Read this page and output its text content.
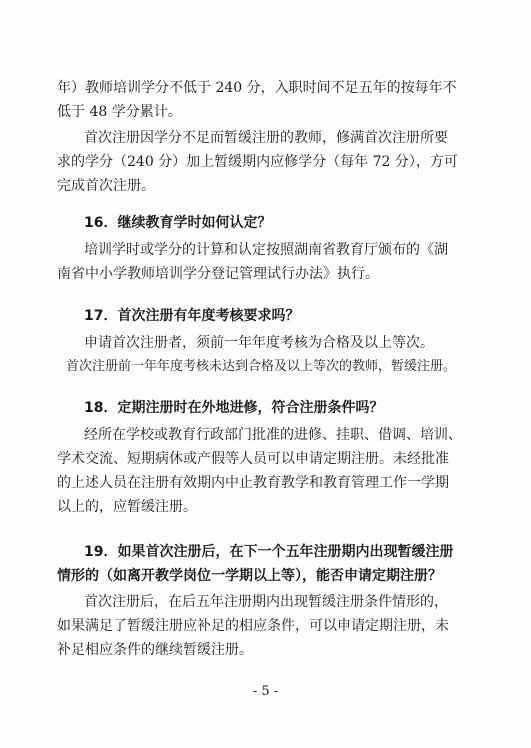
年）教师培训学分不低于 240 分，入职时间不足五年的按每年不
低于 48 学分累计。
首次注册因学分不足而暂缓注册的教师，修满首次注册所要
求的学分（240 分）加上暂缓期内应修学分（每年 72 分），方可
完成首次注册。
16．继续教育学时如何认定？
培训学时或学分的计算和认定按照湖南省教育厅颁布的《湖
南省中小学教师培训学分登记管理试行办法》执行。
17．首次注册有年度考核要求吗？
申请首次注册者，须前一年年度考核为合格及以上等次。
首次注册前一年年度考核未达到合格及以上等次的教师，暂缓注册。
18．定期注册时在外地进修，符合注册条件吗？
经所在学校或教育行政部门批准的进修、挂职、借调、培训、
学术交流、短期病休或产假等人员可以申请定期注册。未经批准
的上述人员在注册有效期内中止教育教学和教育管理工作一学期
以上的，应暂缓注册。
19．如果首次注册后，在下一个五年注册期内出现暂缓注册
情形的（如离开教学岗位一学期以上等），能否申请定期注册？
首次注册后，在后五年注册期内出现暂缓注册条件情形的，
如果满足了暂缓注册应补足的相应条件，可以申请定期注册，未
补足相应条件的继续暂缓注册。
- 5 -
